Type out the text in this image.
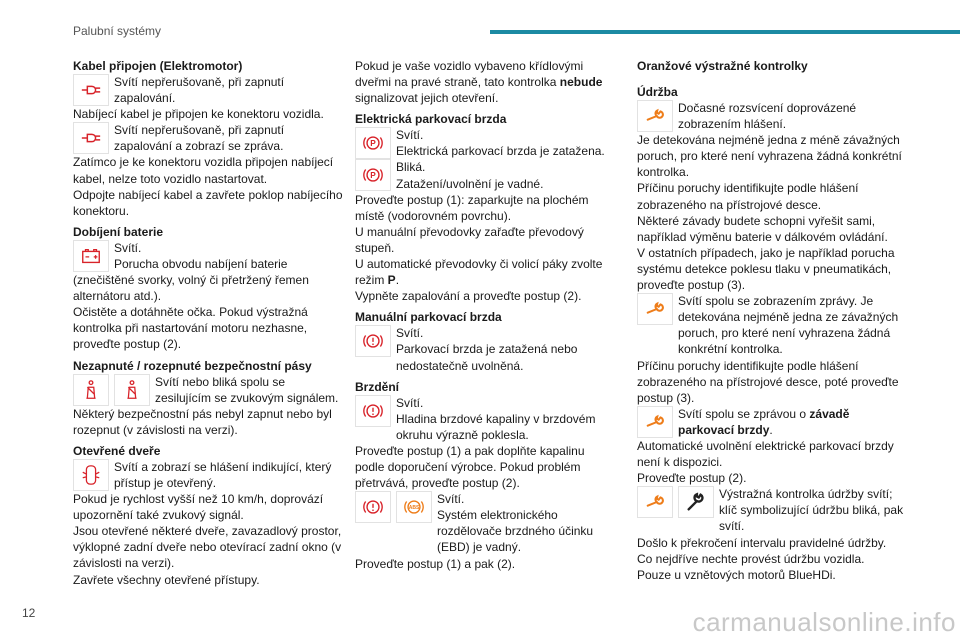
Palubní systémy
Kabel připojen (Elektromotor)
Svítí nepřerušovaně, při zapnutí zapalování.

Nabíjecí kabel je připojen ke konektoru vozidla.

Svítí nepřerušovaně, při zapnutí zapalování a zobrazí se zpráva.

Zatímco je ke konektoru vozidla připojen nabíjecí kabel, nelze toto vozidlo nastartovat.

Odpojte nabíjecí kabel a zavřete poklop nabíjecího konektoru.

Dobíjení baterie
Svítí.
Porucha obvodu nabíjení baterie

(znečištěné svorky, volný či přetržený řemen alternátoru atd.).

Očistěte a dotáhněte očka. Pokud výstražná kontrolka při nastartování motoru nezhasne, proveďte postup (2).

Nezapnuté / rozepnuté bezpečnostní pásy
Svítí nebo bliká spolu se zesilujícím se zvukovým signálem.

Některý bezpečnostní pás nebyl zapnut nebo byl rozepnut (v závislosti na verzi).

Otevřené dveře
Svítí a zobrazí se hlášení indikující, který přístup je otevřený.

Pokud je rychlost vyšší než 10 km/h, doprovází upozornění také zvukový signál.

Jsou otevřené některé dveře, zavazadlový prostor, výklopné zadní dveře nebo otevírací zadní okno (v závislosti na verzi).

Zavřete všechny otevřené přístupy.

Pokud je vaše vozidlo vybaveno křídlovými dveřmi na pravé straně, tato kontrolka nebude signalizovat jejich otevření.

Elektrická parkovací brzda
P
Svítí.
Elektrická parkovací brzda je zatažena.
P
Bliká.
Zatažení/uvolnění je vadné.

Proveďte postup (1): zaparkujte na plochém místě (vodorovném povrchu).

U manuální převodovky zařaďte převodový stupeň.

U automatické převodovky či volicí páky zvolte režim P.

Vypněte zapalování a proveďte postup (2).

Manuální parkovací brzda
Svítí.
Parkovací brzda je zatažená nebo nedostatečně uvolněná.
Brzdění
Svítí.
Hladina brzdové kapaliny v brzdovém okruhu výrazně poklesla.

Proveďte postup (1) a pak doplňte kapalinu podle doporučení výrobce. Pokud problém přetrvává, proveďte postup (2).

ABS
Svítí.
Systém elektronického rozdělovače brzdného účinku (EBD) je vadný.

Proveďte postup (1) a pak (2).

Oranžové výstražné kontrolky
Údržba
Dočasné rozsvícení doprovázené zobrazením hlášení.

Je detekována nejméně jedna z méně závažných poruch, pro které není vyhrazena žádná konkrétní kontrolka.

Příčinu poruchy identifikujte podle hlášení zobrazeného na přístrojové desce.

Některé závady budete schopni vyřešit sami, například výměnu baterie v dálkovém ovládání.

V ostatních případech, jako je například porucha systému detekce poklesu tlaku v pneumatikách, proveďte postup (3).

Svítí spolu se zobrazením zprávy. Je detekována nejméně jedna ze závažných poruch, pro které není vyhrazena žádná konkrétní kontrolka.

Příčinu poruchy identifikujte podle hlášení zobrazeného na přístrojové desce, poté proveďte postup (3).

Svítí spolu se zprávou o závadě parkovací brzdy.

Automatické uvolnění elektrické parkovací brzdy není k dispozici.

Proveďte postup (2).

Výstražná kontrolka údržby svítí; klíč symbolizující údržbu bliká, pak svítí.

Došlo k překročení intervalu pravidelné údržby.

Co nejdříve nechte provést údržbu vozidla.

Pouze u vznětových motorů BlueHDi.

12	carmanualsonline.info
